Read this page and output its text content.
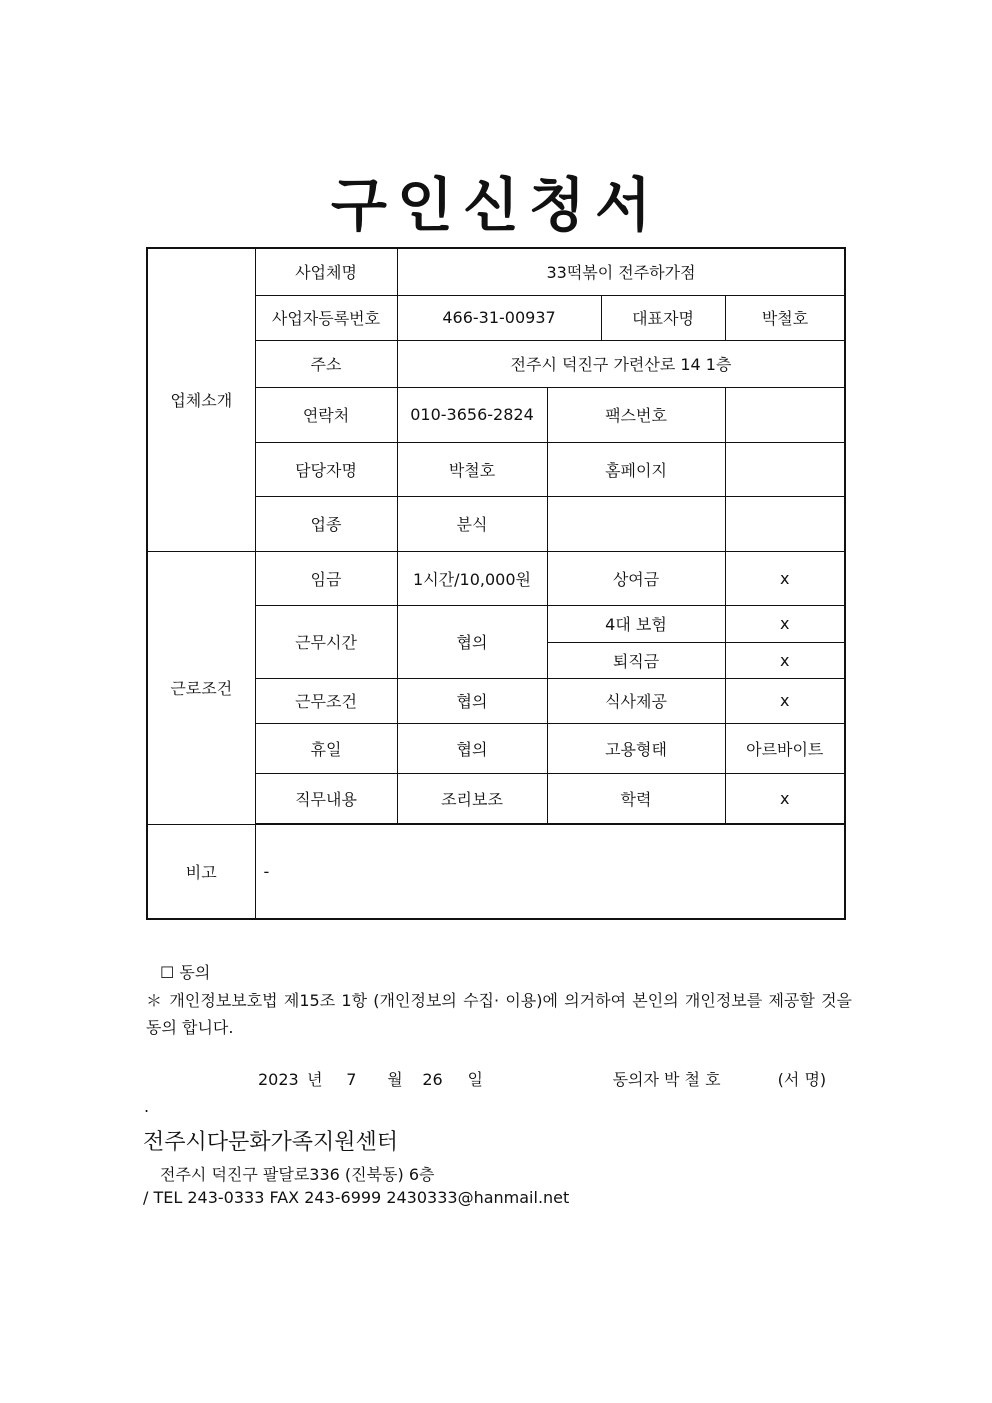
구인신청서
업체소개	사업체명	33떡볶이 전주하가점			
	사업자등록번호	466-31-00937		대표자명	박철호
	주소	전주시 덕진구 가련산로 14 1층			
	연락처	010-3656-2824	팩스번호		
	담당자명	박철호	홈페이지		
	업종	분식			
근로조건	임금	1시간/10,000원	상여금		x
	근무시간	협의	4대 보험		x
			퇴직금		x
	근무조건	협의	식사제공		x
	휴일	협의	고용형태		아르바이트
	직무내용	조리보조	학력		x

비고	-				
☐ 동의
＊ 개인정보보호법 제15조 1항 (개인정보의 수집· 이용)에 의거하여 본인의 개인정보를 제공할 것을 동의 합니다.
2023 년 7 월 26 일	동의자 박 철 호	(서 명)
.
전주시다문화가족지원센터
전주시 덕진구 팔달로336 (진북동) 6층
/ TEL 243-0333 FAX 243-6999 2430333@hanmail.net
